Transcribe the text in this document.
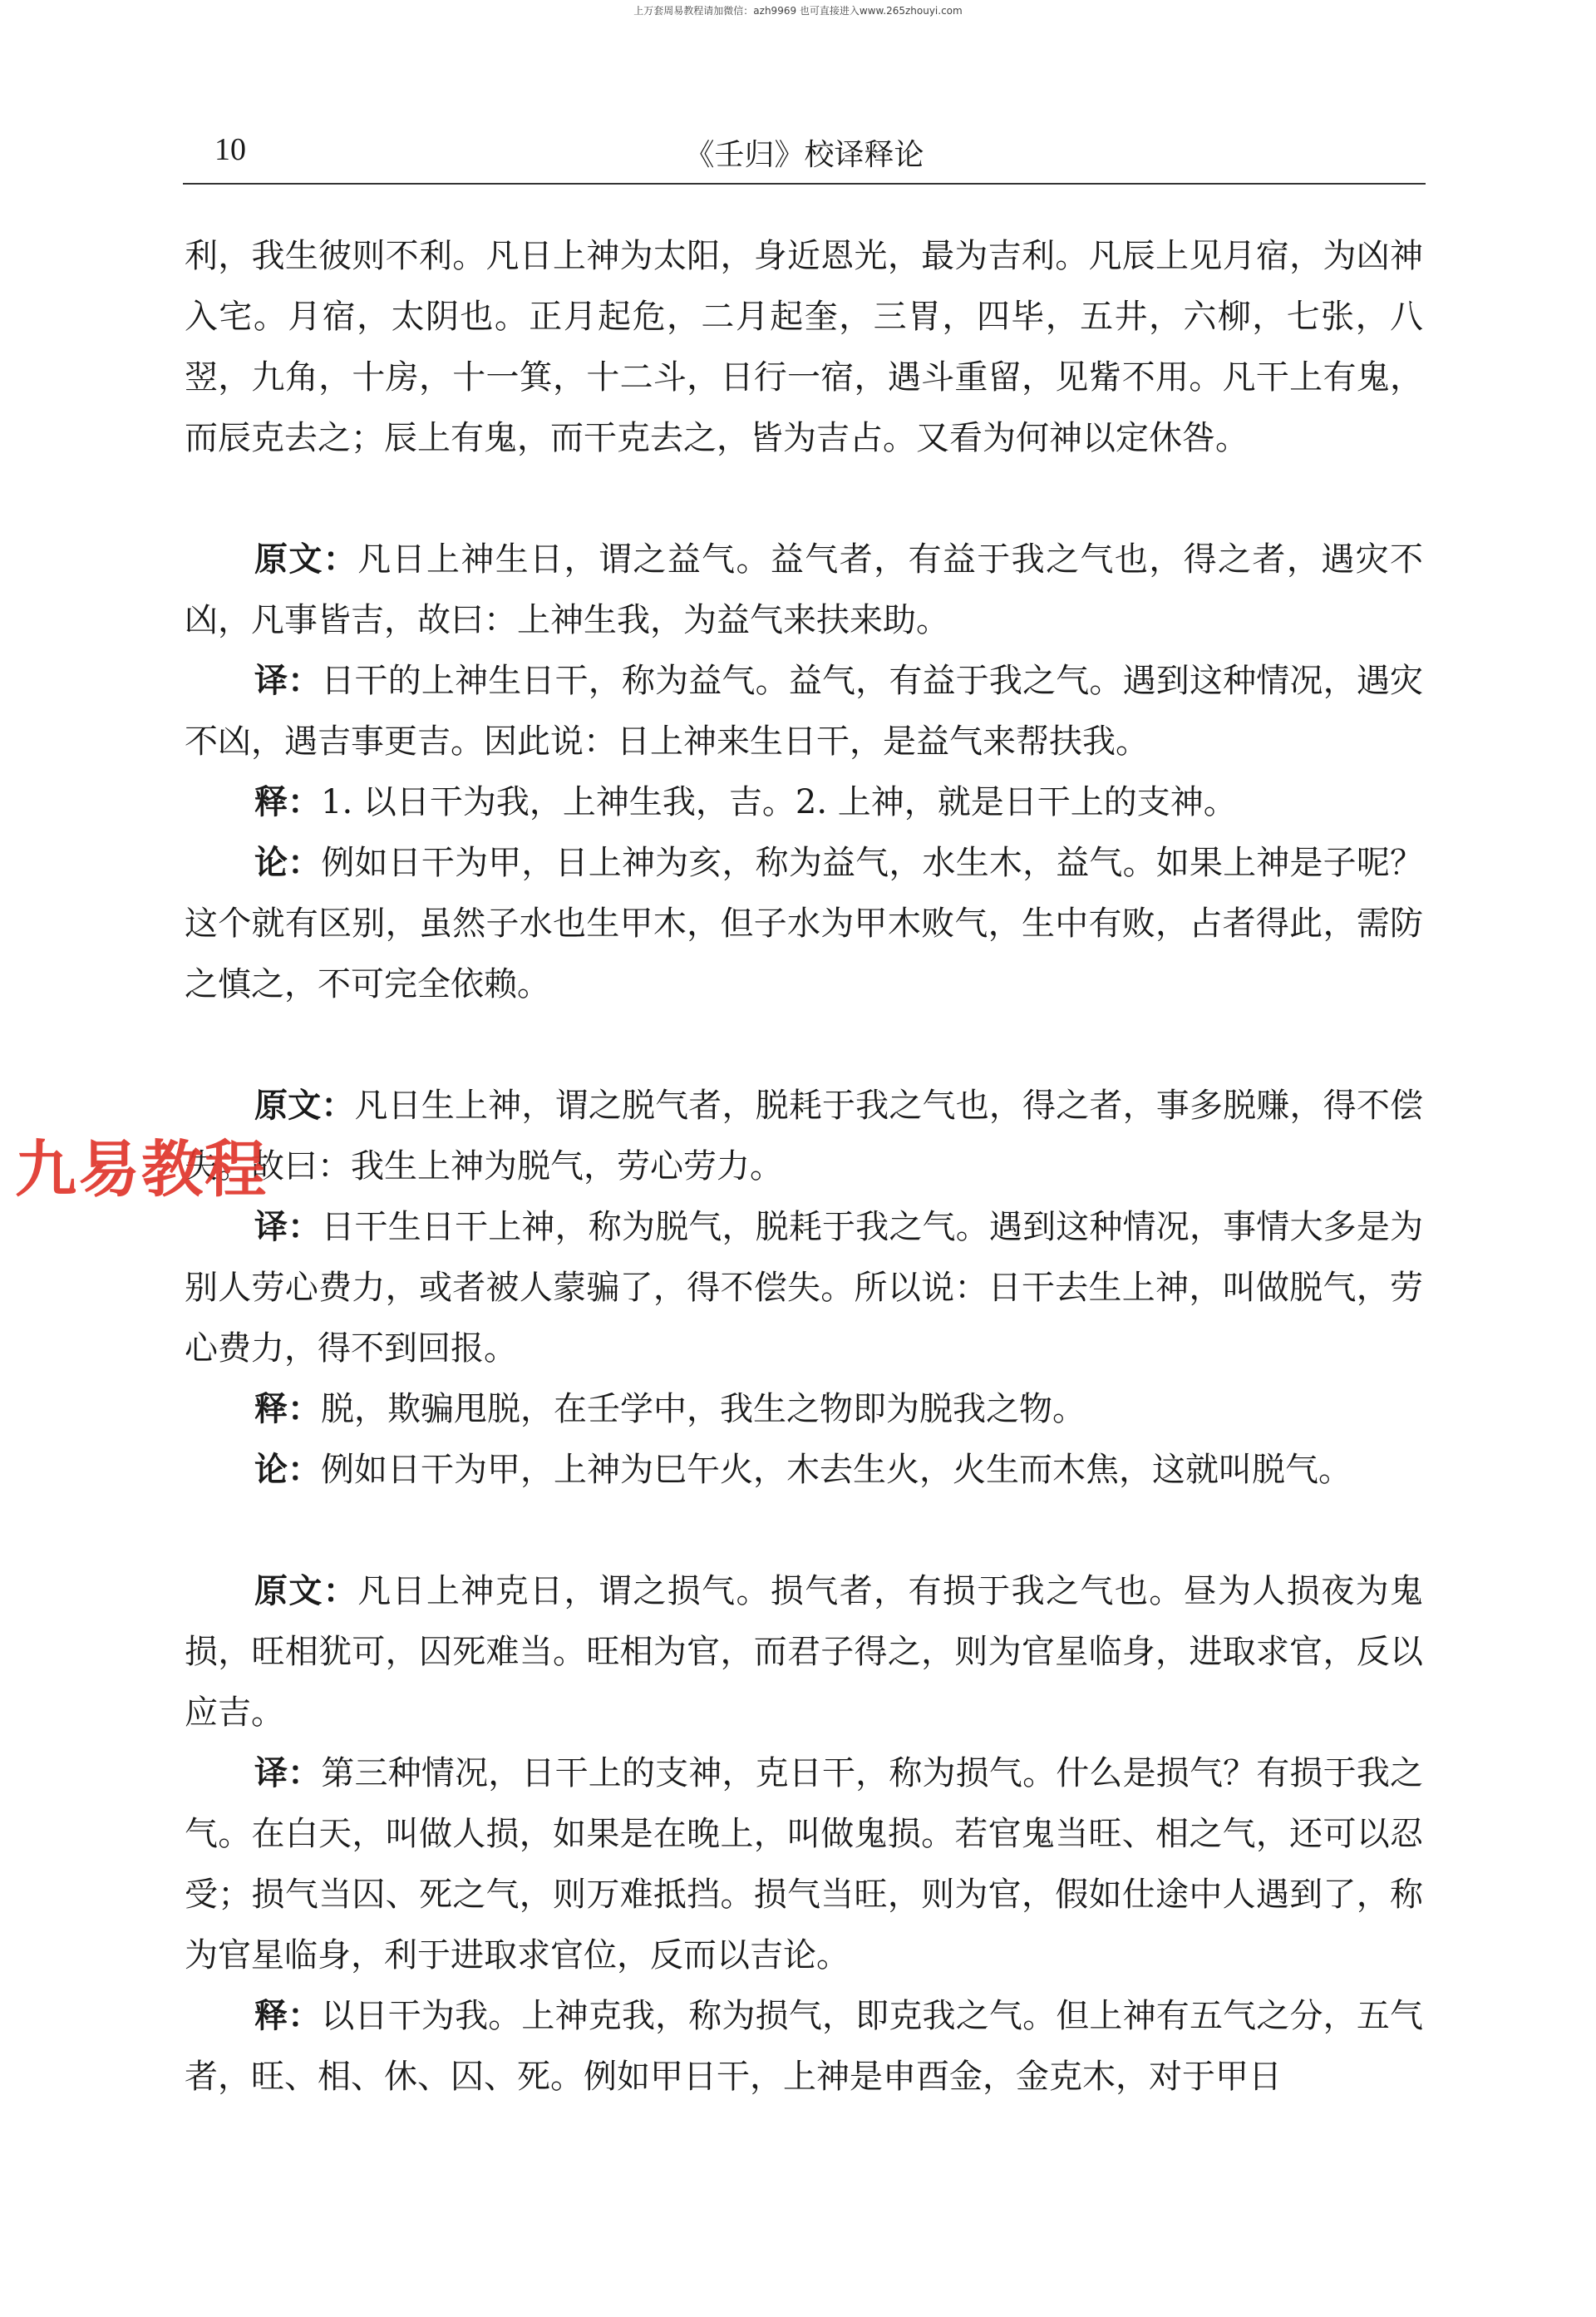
上万套周易教程请加微信：azh9969 也可直接进入www.265zhouyi.com
10	《壬归》校译释论

利，我生彼则不利。凡日上神为太阳，身近恩光，最为吉利。凡辰上见月宿，为凶神入宅。月宿，太阴也。正月起危，二月起奎，三胃，四毕，五井，六柳，七张，八翌，九角，十房，十一箕，十二斗，日行一宿，遇斗重留，见觜不用。凡干上有鬼，而辰克去之；辰上有鬼，而干克去之，皆为吉占。又看为何神以定休咎。

原文：凡日上神生日，谓之益气。益气者，有益于我之气也，得之者，遇灾不凶，凡事皆吉，故曰：上神生我，为益气来扶来助。

译：日干的上神生日干，称为益气。益气，有益于我之气。遇到这种情况，遇灾不凶，遇吉事更吉。因此说：日上神来生日干，是益气来帮扶我。

释：1. 以日干为我，上神生我，吉。2. 上神，就是日干上的支神。

论：例如日干为甲，日上神为亥，称为益气，水生木，益气。如果上神是子呢？这个就有区别，虽然子水也生甲木，但子水为甲木败气，生中有败，占者得此，需防之慎之，不可完全依赖。

原文：凡日生上神，谓之脱气者，脱耗于我之气也，得之者，事多脱赚，得不偿失。故曰：我生上神为脱气，劳心劳力。

译：日干生日干上神，称为脱气，脱耗于我之气。遇到这种情况，事情大多是为别人劳心费力，或者被人蒙骗了，得不偿失。所以说：日干去生上神，叫做脱气，劳心费力，得不到回报。

释：脱，欺骗甩脱，在壬学中，我生之物即为脱我之物。

论：例如日干为甲，上神为巳午火，木去生火，火生而木焦，这就叫脱气。

原文：凡日上神克日，谓之损气。损气者，有损于我之气也。昼为人损夜为鬼损，旺相犹可，囚死难当。旺相为官，而君子得之，则为官星临身，进取求官，反以应吉。

译：第三种情况，日干上的支神，克日干，称为损气。什么是损气？有损于我之气。在白天，叫做人损，如果是在晚上，叫做鬼损。若官鬼当旺、相之气，还可以忍受；损气当囚、死之气，则万难抵挡。损气当旺，则为官，假如仕途中人遇到了，称为官星临身，利于进取求官位，反而以吉论。

释：以日干为我。上神克我，称为损气，即克我之气。但上神有五气之分，五气者，旺、相、休、囚、死。例如甲日干，上神是申酉金，金克木，对于甲日

九易教程
